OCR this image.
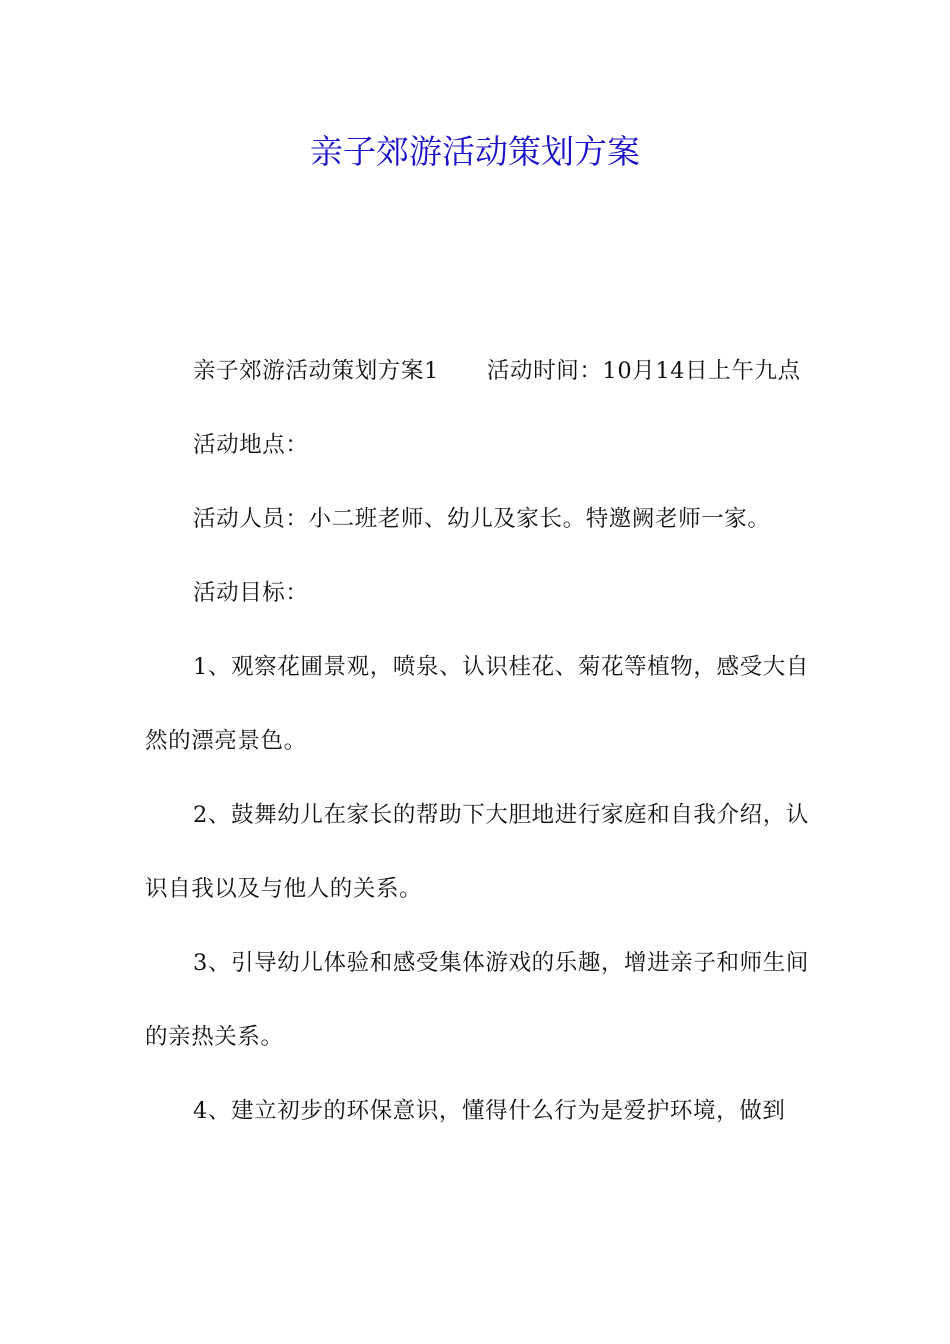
亲子郊游活动策划方案

亲子郊游活动策划方案1 活动时间：10月14日上午九点

活动地点：

活动人员：小二班老师、幼儿及家长。特邀阙老师一家。

活动目标：

1、观察花圃景观，喷泉、认识桂花、菊花等植物，感受大自然的漂亮景色。

2、鼓舞幼儿在家长的帮助下大胆地进行家庭和自我介绍，认识自我以及与他人的关系。

3、引导幼儿体验和感受集体游戏的乐趣，增进亲子和师生间的亲热关系。

4、建立初步的环保意识，懂得什么行为是爱护环境，做到
